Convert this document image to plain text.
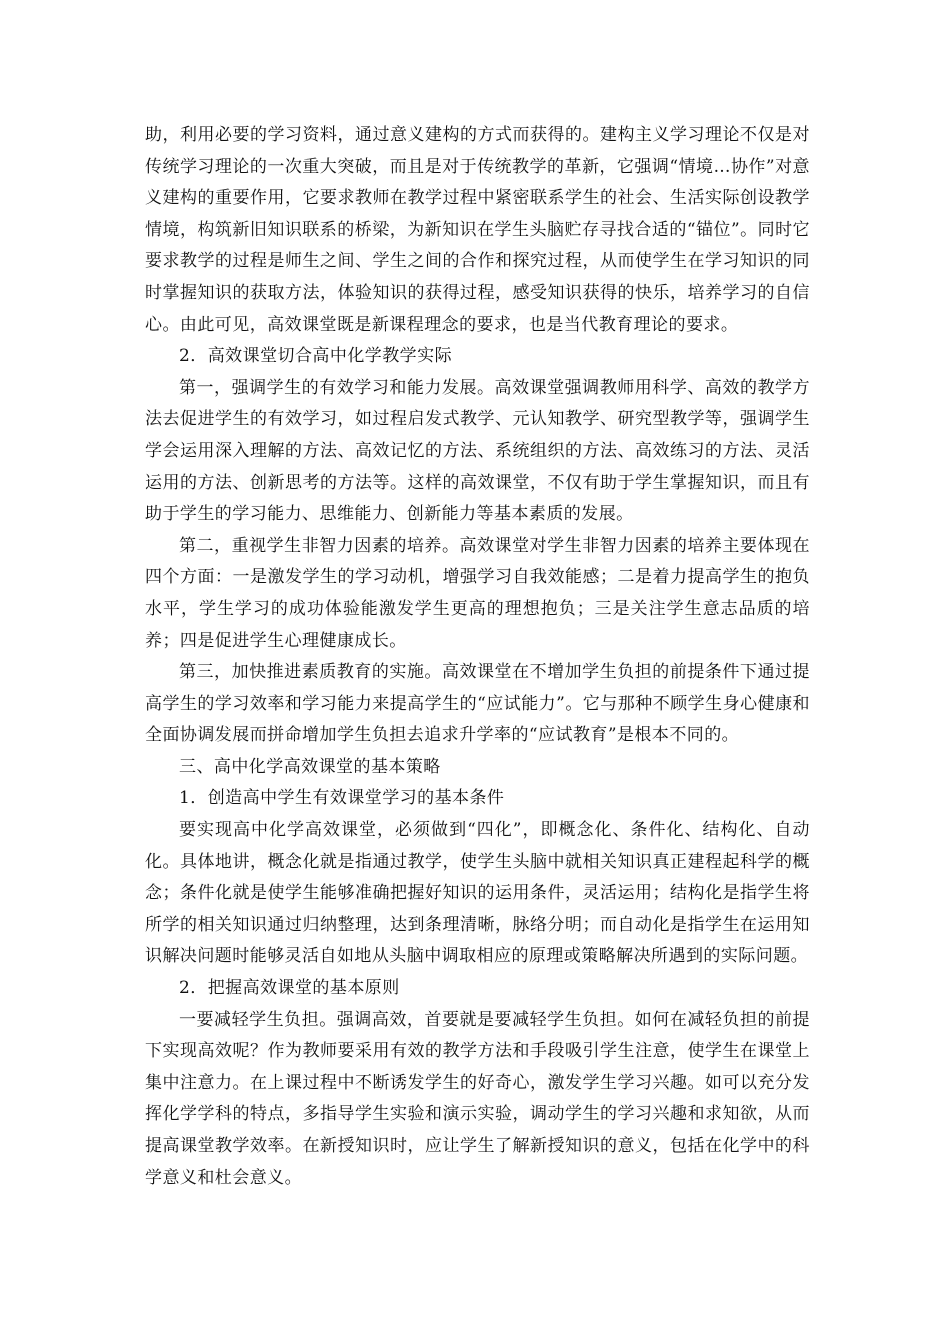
助，利用必要的学习资料，通过意义建构的方式而获得的。建构主义学习理论不仅是对传统学习理论的一次重大突破，而且是对于传统教学的革新，它强调“情境…协作”对意义建构的重要作用，它要求教师在教学过程中紧密联系学生的社会、生活实际创设教学情境，构筑新旧知识联系的桥梁，为新知识在学生头脑贮存寻找合适的“锚位”。同时它要求教学的过程是师生之间、学生之间的合作和探究过程，从而使学生在学习知识的同时掌握知识的获取方法，体验知识的获得过程，感受知识获得的快乐，培养学习的自信心。由此可见，高效课堂既是新课程理念的要求，也是当代教育理论的要求。

2．高效课堂切合高中化学教学实际

第一，强调学生的有效学习和能力发展。高效课堂强调教师用科学、高效的教学方法去促进学生的有效学习，如过程启发式教学、元认知教学、研究型教学等，强调学生学会运用深入理解的方法、高效记忆的方法、系统组织的方法、高效练习的方法、灵活运用的方法、创新思考的方法等。这样的高效课堂，不仅有助于学生掌握知识，而且有助于学生的学习能力、思维能力、创新能力等基本素质的发展。

第二，重视学生非智力因素的培养。高效课堂对学生非智力因素的培养主要体现在四个方面：一是激发学生的学习动机，增强学习自我效能感；二是着力提高学生的抱负水平，学生学习的成功体验能激发学生更高的理想抱负；三是关注学生意志品质的培养；四是促进学生心理健康成长。

第三，加快推进素质教育的实施。高效课堂在不增加学生负担的前提条件下通过提高学生的学习效率和学习能力来提高学生的“应试能力”。它与那种不顾学生身心健康和全面协调发展而拼命增加学生负担去追求升学率的“应试教育”是根本不同的。

三、高中化学高效课堂的基本策略

1．创造高中学生有效课堂学习的基本条件

要实现高中化学高效课堂，必须做到“四化”，即概念化、条件化、结构化、自动化。具体地讲，概念化就是指通过教学，使学生头脑中就相关知识真正建程起科学的概念；条件化就是使学生能够准确把握好知识的运用条件，灵活运用；结构化是指学生将所学的相关知识通过归纳整理，达到条理清晰，脉络分明；而自动化是指学生在运用知识解决问题时能够灵活自如地从头脑中调取相应的原理或策略解决所遇到的实际问题。

2．把握高效课堂的基本原则

一要减轻学生负担。强调高效，首要就是要减轻学生负担。如何在减轻负担的前提下实现高效呢？作为教师要采用有效的教学方法和手段吸引学生注意，使学生在课堂上集中注意力。在上课过程中不断诱发学生的好奇心，激发学生学习兴趣。如可以充分发挥化学学科的特点，多指导学生实验和演示实验，调动学生的学习兴趣和求知欲，从而提高课堂教学效率。在新授知识时，应让学生了解新授知识的意义，包括在化学中的科学意义和杜会意义。
